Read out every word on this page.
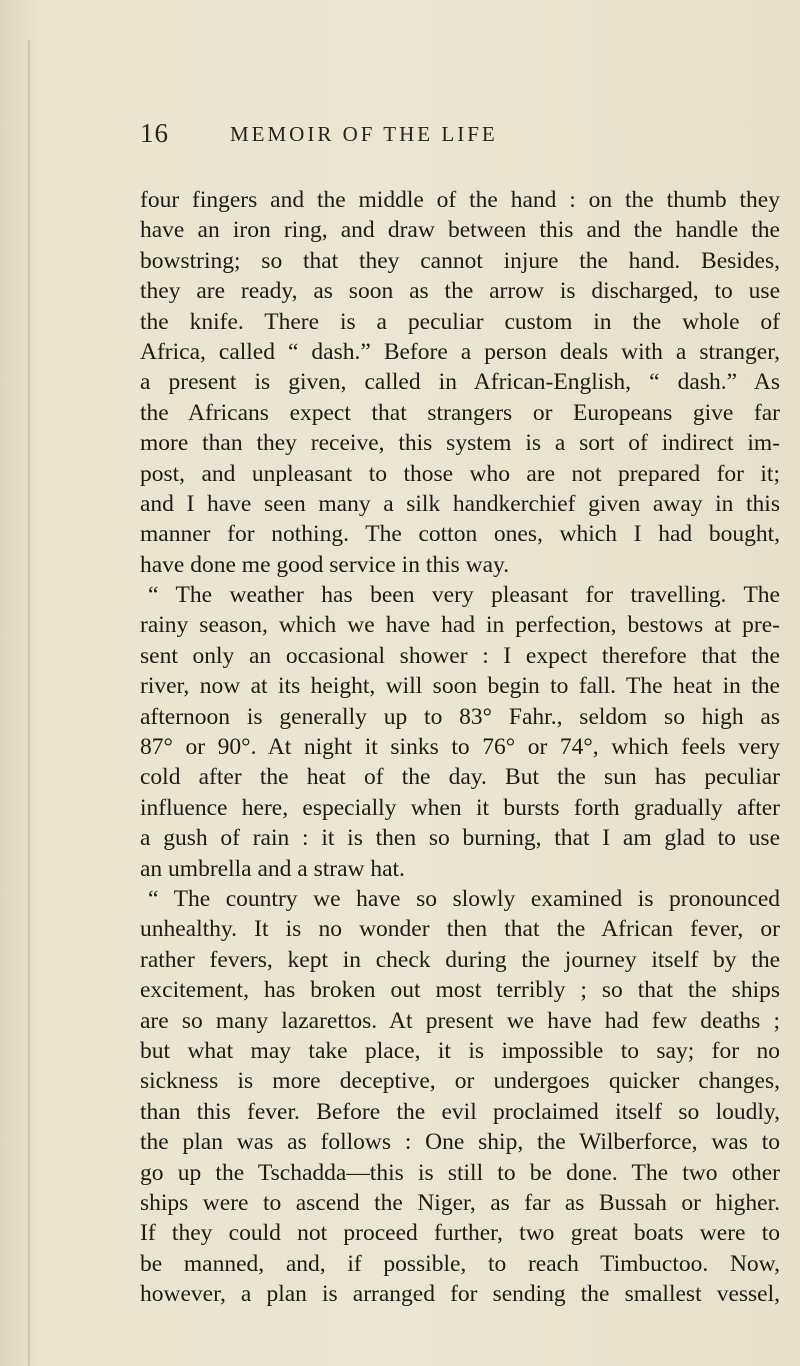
16	MEMOIR OF THE LIFE
four fingers and the middle of the hand : on the thumb they
have an iron ring, and draw between this and the handle the
bowstring; so that they cannot injure the hand. Besides,
they are ready, as soon as the arrow is discharged, to use
the knife. There is a peculiar custom in the whole of
Africa, called “ dash.” Before a person deals with a stranger,
a present is given, called in African-English, “ dash.” As
the Africans expect that strangers or Europeans give far
more than they receive, this system is a sort of indirect im-
post, and unpleasant to those who are not prepared for it;
and I have seen many a silk handkerchief given away in this
manner for nothing. The cotton ones, which I had bought,
have done me good service in this way.
“ The weather has been very pleasant for travelling. The
rainy season, which we have had in perfection, bestows at pre-
sent only an occasional shower : I expect therefore that the
river, now at its height, will soon begin to fall. The heat in the
afternoon is generally up to 83° Fahr., seldom so high as
87° or 90°. At night it sinks to 76° or 74°, which feels very
cold after the heat of the day. But the sun has peculiar
influence here, especially when it bursts forth gradually after
a gush of rain : it is then so burning, that I am glad to use
an umbrella and a straw hat.
“ The country we have so slowly examined is pronounced
unhealthy. It is no wonder then that the African fever, or
rather fevers, kept in check during the journey itself by the
excitement, has broken out most terribly ; so that the ships
are so many lazarettos. At present we have had few deaths ;
but what may take place, it is impossible to say; for no
sickness is more deceptive, or undergoes quicker changes,
than this fever. Before the evil proclaimed itself so loudly,
the plan was as follows : One ship, the Wilberforce, was to
go up the Tschadda—this is still to be done. The two other
ships were to ascend the Niger, as far as Bussah or higher.
If they could not proceed further, two great boats were to
be manned, and, if possible, to reach Timbuctoo. Now,
however, a plan is arranged for sending the smallest vessel,
